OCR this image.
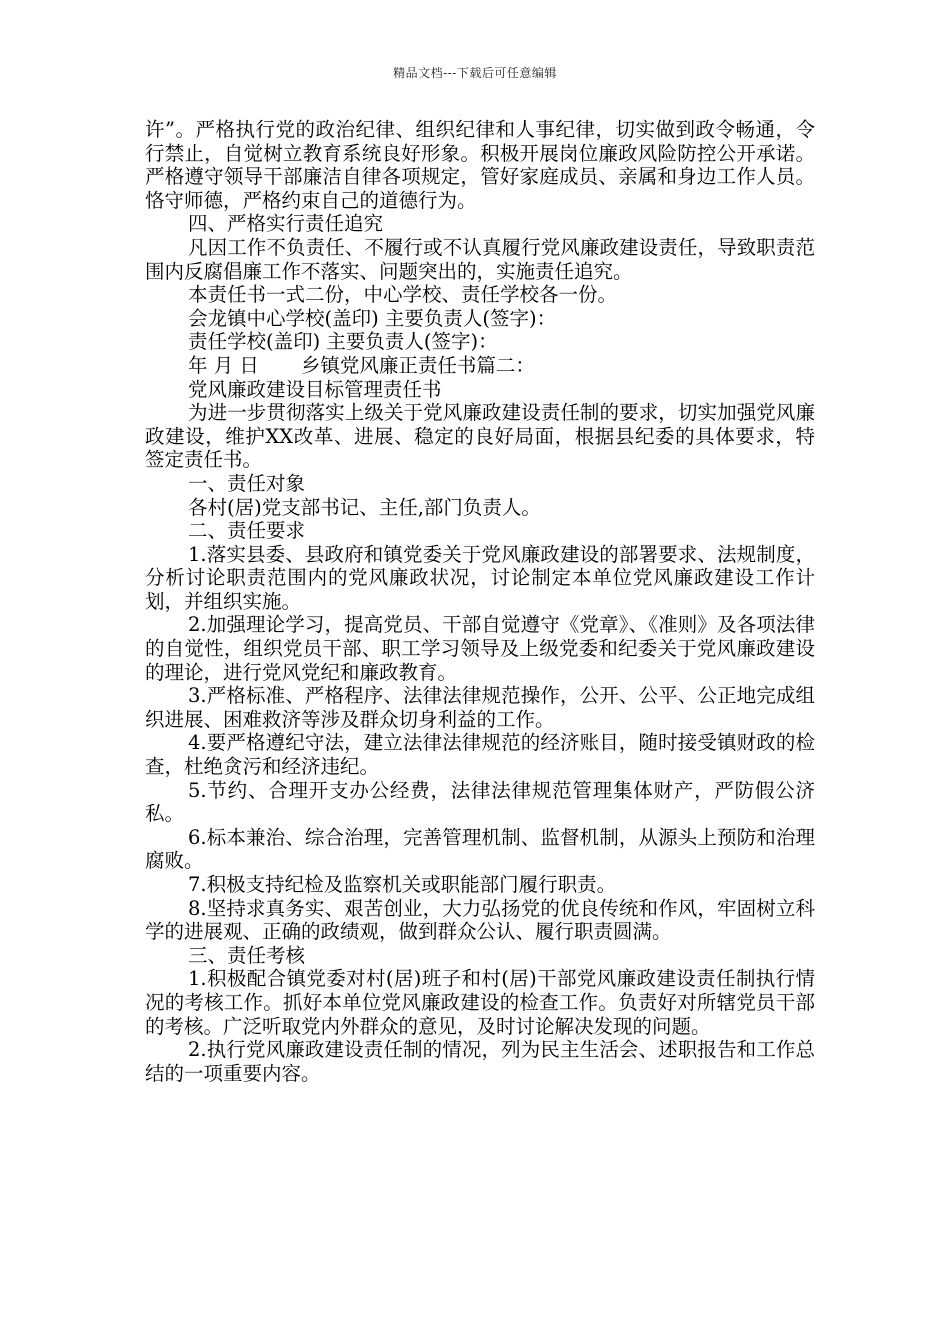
精品文档---下载后可任意编辑

许”。严格执行党的政治纪律、组织纪律和人事纪律，切实做到政令畅通，令行禁止，自觉树立教育系统良好形象。积极开展岗位廉政风险防控公开承诺。严格遵守领导干部廉洁自律各项规定，管好家庭成员、亲属和身边工作人员。恪守师德，严格约束自己的道德行为。

四、严格实行责任追究

凡因工作不负责任、不履行或不认真履行党风廉政建设责任，导致职责范围内反腐倡廉工作不落实、问题突出的，实施责任追究。

本责任书一式二份，中心学校、责任学校各一份。

会龙镇中心学校(盖印) 主要负责人(签字)：

责任学校(盖印) 主要负责人(签字)：

年 月 日 乡镇党风廉正责任书篇二：

党风廉政建设目标管理责任书

为进一步贯彻落实上级关于党风廉政建设责任制的要求，切实加强党风廉政建设，维护XX改革、进展、稳定的良好局面，根据县纪委的具体要求，特签定责任书。

一、责任对象

各村(居)党支部书记、主任,部门负责人。

二、责任要求

1.落实县委、县政府和镇党委关于党风廉政建设的部署要求、法规制度，分析讨论职责范围内的党风廉政状况，讨论制定本单位党风廉政建设工作计划，并组织实施。

2.加强理论学习，提高党员、干部自觉遵守《党章》、《准则》及各项法律的自觉性，组织党员干部、职工学习领导及上级党委和纪委关于党风廉政建设的理论，进行党风党纪和廉政教育。

3.严格标准、严格程序、法律法律规范操作，公开、公平、公正地完成组织进展、困难救济等涉及群众切身利益的工作。

4.要严格遵纪守法，建立法律法律规范的经济账目，随时接受镇财政的检查，杜绝贪污和经济违纪。

5.节约、合理开支办公经费，法律法律规范管理集体财产，严防假公济私。

6.标本兼治、综合治理，完善管理机制、监督机制，从源头上预防和治理腐败。

7.积极支持纪检及监察机关或职能部门履行职责。

8.坚持求真务实、艰苦创业，大力弘扬党的优良传统和作风，牢固树立科学的进展观、正确的政绩观，做到群众公认、履行职责圆满。

三、责任考核

1.积极配合镇党委对村(居)班子和村(居)干部党风廉政建设责任制执行情况的考核工作。抓好本单位党风廉政建设的检查工作。负责好对所辖党员干部的考核。广泛听取党内外群众的意见，及时讨论解决发现的问题。

2.执行党风廉政建设责任制的情况，列为民主生活会、述职报告和工作总结的一项重要内容。
